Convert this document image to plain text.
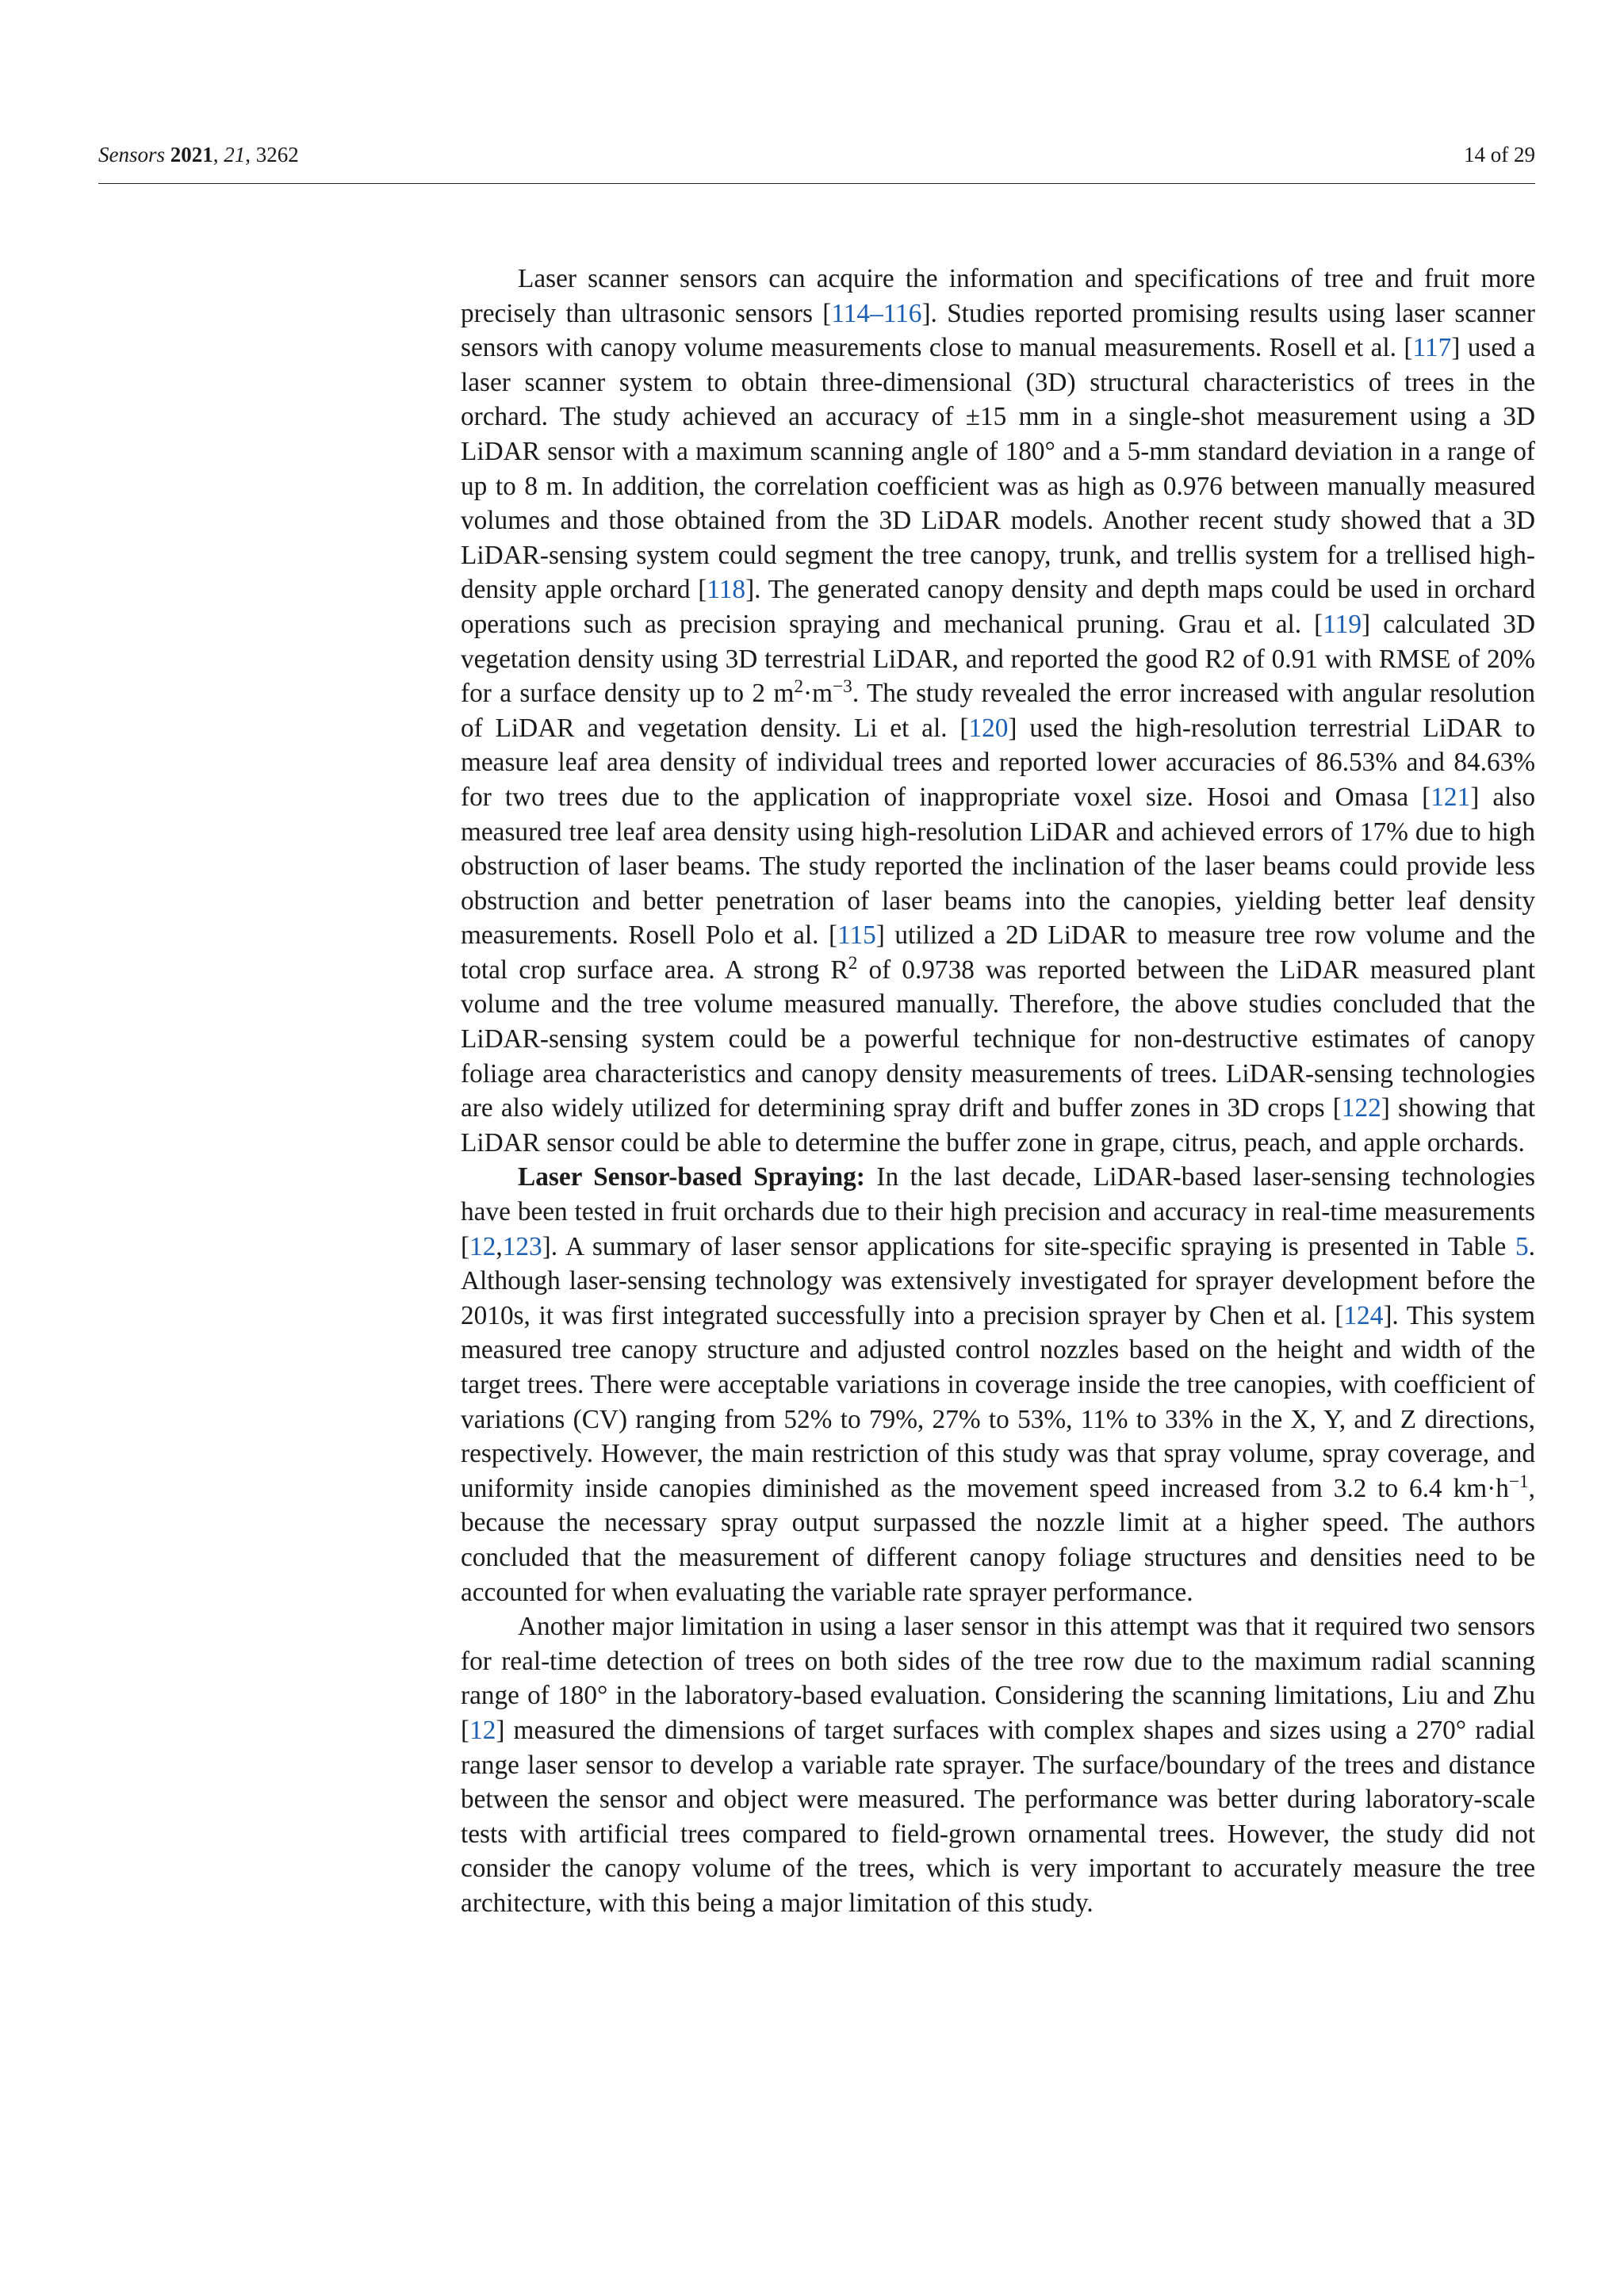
Sensors 2021, 21, 3262	14 of 29

Laser scanner sensors can acquire the information and specifications of tree and fruit more precisely than ultrasonic sensors [114–116]. Studies reported promising results using laser scanner sensors with canopy volume measurements close to manual measurements. Rosell et al. [117] used a laser scanner system to obtain three-dimensional (3D) structural characteristics of trees in the orchard. The study achieved an accuracy of ±15 mm in a single-shot measurement using a 3D LiDAR sensor with a maximum scanning angle of 180° and a 5-mm standard deviation in a range of up to 8 m. In addition, the correlation coefficient was as high as 0.976 between manually measured volumes and those obtained from the 3D LiDAR models. Another recent study showed that a 3D LiDAR-sensing system could segment the tree canopy, trunk, and trellis system for a trellised high-density apple orchard [118]. The generated canopy density and depth maps could be used in orchard operations such as precision spraying and mechanical pruning. Grau et al. [119] calculated 3D vegetation density using 3D terrestrial LiDAR, and reported the good R2 of 0.91 with RMSE of 20% for a surface density up to 2 $m^2\cdot m^{-3}$. The study revealed the error increased with angular resolution of LiDAR and vegetation density. Li et al. [120] used the high-resolution terrestrial LiDAR to measure leaf area density of individual trees and reported lower accuracies of 86.53% and 84.63% for two trees due to the application of inappropriate voxel size. Hosoi and Omasa [121] also measured tree leaf area density using high-resolution LiDAR and achieved errors of 17% due to high obstruction of laser beams. The study reported the inclination of the laser beams could provide less obstruction and better penetration of laser beams into the canopies, yielding better leaf density measurements. Rosell Polo et al. [115] utilized a 2D LiDAR to measure tree row volume and the total crop surface area. A strong $R^2$ of 0.9738 was reported between the LiDAR measured plant volume and the tree volume measured manually. Therefore, the above studies concluded that the LiDAR-sensing system could be a powerful technique for non-destructive estimates of canopy foliage area characteristics and canopy density measurements of trees. LiDAR-sensing technologies are also widely utilized for determining spray drift and buffer zones in 3D crops [122] showing that LiDAR sensor could be able to determine the buffer zone in grape, citrus, peach, and apple orchards.

Laser Sensor-based Spraying: In the last decade, LiDAR-based laser-sensing technologies have been tested in fruit orchards due to their high precision and accuracy in real-time measurements [12,123]. A summary of laser sensor applications for site-specific spraying is presented in Table 5. Although laser-sensing technology was extensively investigated for sprayer development before the 2010s, it was first integrated successfully into a precision sprayer by Chen et al. [124]. This system measured tree canopy structure and adjusted control nozzles based on the height and width of the target trees. There were acceptable variations in coverage inside the tree canopies, with coefficient of variations (CV) ranging from 52% to 79%, 27% to 53%, 11% to 33% in the X, Y, and Z directions, respectively. However, the main restriction of this study was that spray volume, spray coverage, and uniformity inside canopies diminished as the movement speed increased from 3.2 to 6.4 $km\cdot h^{-1}$, because the necessary spray output surpassed the nozzle limit at a higher speed. The authors concluded that the measurement of different canopy foliage structures and densities need to be accounted for when evaluating the variable rate sprayer performance.

Another major limitation in using a laser sensor in this attempt was that it required two sensors for real-time detection of trees on both sides of the tree row due to the maximum radial scanning range of 180° in the laboratory-based evaluation. Considering the scanning limitations, Liu and Zhu [12] measured the dimensions of target surfaces with complex shapes and sizes using a 270° radial range laser sensor to develop a variable rate sprayer. The surface/boundary of the trees and distance between the sensor and object were measured. The performance was better during laboratory-scale tests with artificial trees compared to field-grown ornamental trees. However, the study did not consider the canopy volume of the trees, which is very important to accurately measure the tree architecture, with this being a major limitation of this study.
